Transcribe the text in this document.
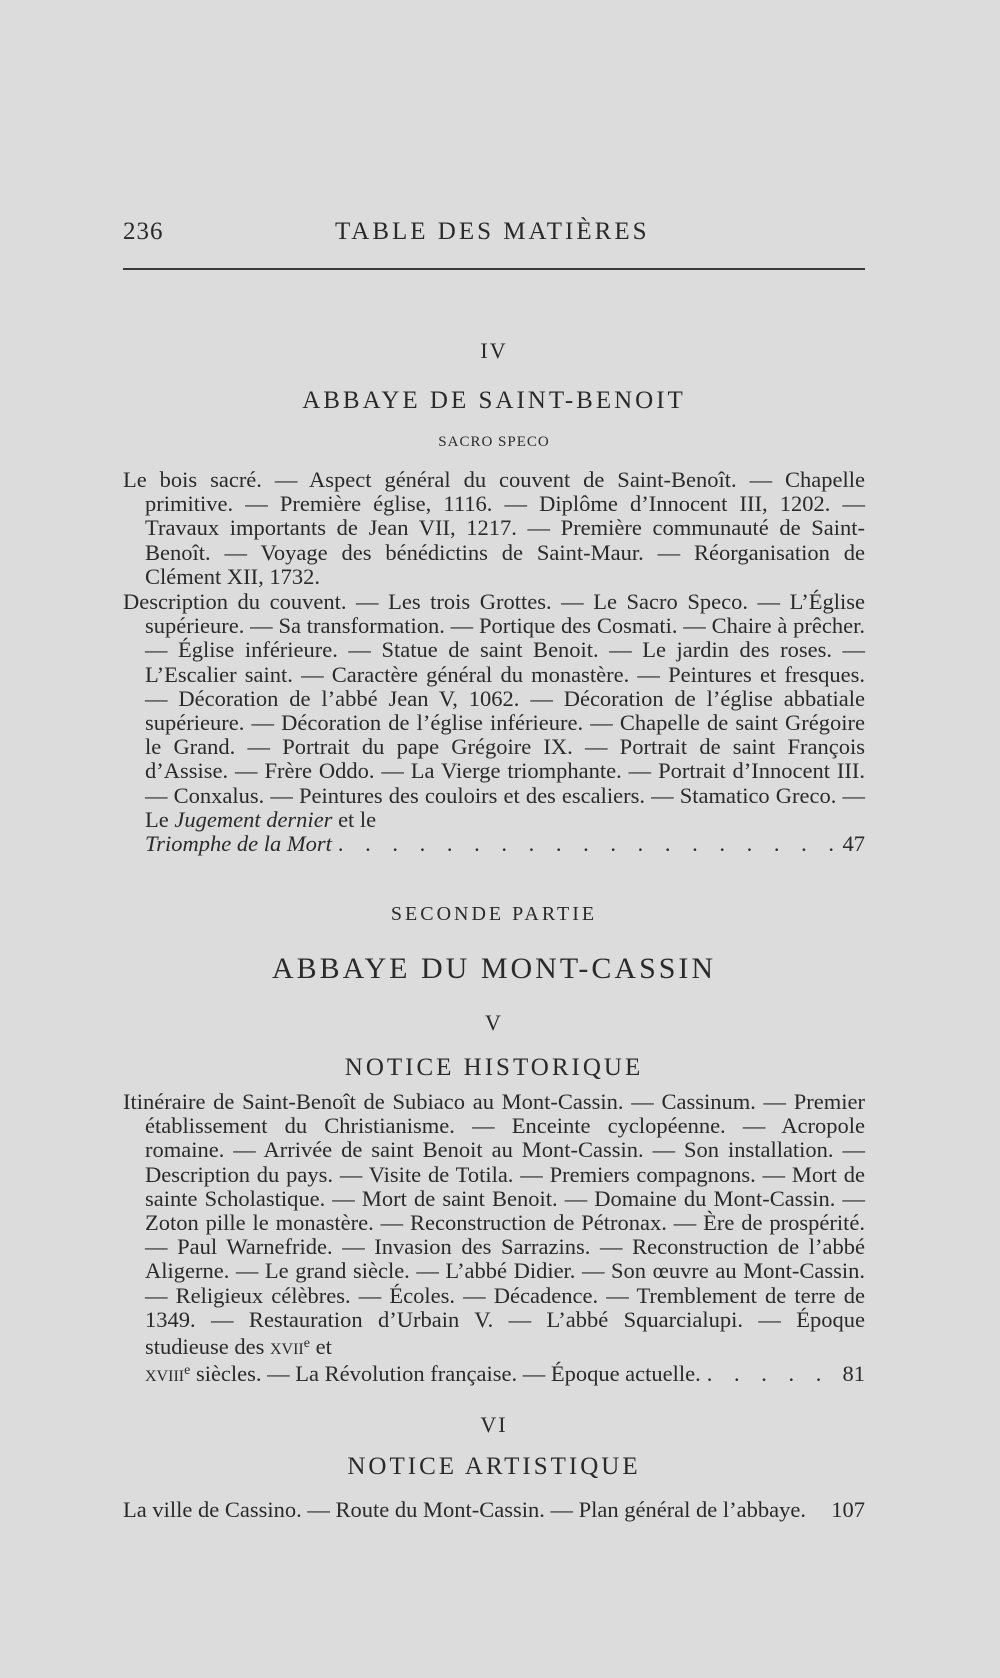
236	TABLE DES MATIÈRES
IV
ABBAYE DE SAINT-BENOIT
SACRO SPECO
Le bois sacré. — Aspect général du couvent de Saint-Benoît. — Chapelle primitive. — Première église, 1116. — Diplôme d’Innocent III, 1202. — Travaux importants de Jean VII, 1217. — Première communauté de Saint-Benoît. — Voyage des bénédictins de Saint-Maur. — Réorganisation de Clément XII, 1732.
Description du couvent. — Les trois Grottes. — Le Sacro Speco. — L’Église supérieure. — Sa transformation. — Portique des Cosmati. — Chaire à prêcher. — Église inférieure. — Statue de saint Benoit. — Le jardin des roses. — L’Escalier saint. — Caractère général du monastère. — Peintures et fresques. — Décoration de l’abbé Jean V, 1062. — Décoration de l’église abbatiale supérieure. — Décoration de l’église inférieure. — Chapelle de saint Grégoire le Grand. — Portrait du pape Grégoire IX. — Portrait de saint François d’Assise. — Frère Oddo. — La Vierge triomphante. — Portrait d’Innocent III. — Conxalus. — Peintures des couloirs et des escaliers. — Stamatico Greco. — Le Jugement dernier et le
Triomphe de la Mort . . .	47
SECONDE PARTIE
ABBAYE DU MONT-CASSIN
V
NOTICE HISTORIQUE
Itinéraire de Saint-Benoît de Subiaco au Mont-Cassin. — Cassinum. — Premier établissement du Christianisme. — Enceinte cyclopéenne. — Acropole romaine. — Arrivée de saint Benoit au Mont-Cassin. — Son installation. — Description du pays. — Visite de Totila. — Premiers compagnons. — Mort de sainte Scholastique. — Mort de saint Benoit. — Domaine du Mont-Cassin. — Zoton pille le monastère. — Reconstruction de Pétronax. — Ère de prospérité. — Paul Warnefride. — Invasion des Sarrazins. — Reconstruction de l’abbé Aligerne. — Le grand siècle. — L’abbé Didier. — Son œuvre au Mont-Cassin. — Religieux célèbres. — Écoles. — Décadence. — Tremblement de terre de 1349. — Restauration d’Urbain V. — L’abbé Squarcialupi. — Époque studieuse des xvii$^e$ et
xviii$^e$ siècles. — La Révolution française. — Époque actuelle. . . .	81
VI
NOTICE ARTISTIQUE
La ville de Cassino. — Route du Mont-Cassin. — Plan général de l’abbaye. 107
